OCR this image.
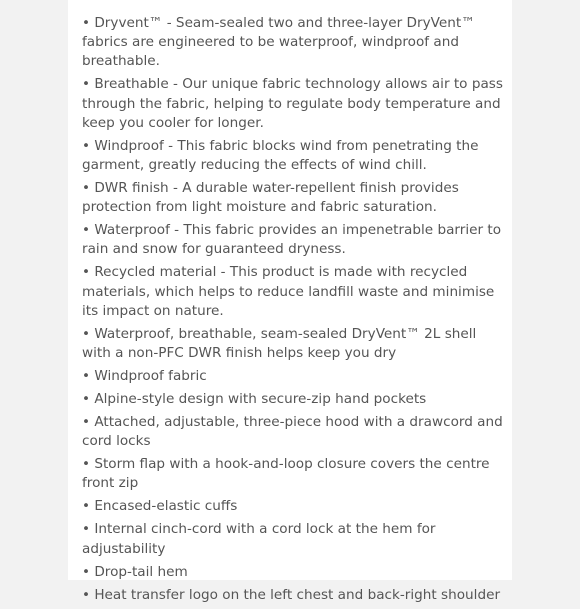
• Dryvent™ - Seam-sealed two and three-layer DryVent™ fabrics are engineered to be waterproof, windproof and breathable.
• Breathable - Our unique fabric technology allows air to pass through the fabric, helping to regulate body temperature and keep you cooler for longer.
• Windproof - This fabric blocks wind from penetrating the garment, greatly reducing the effects of wind chill.
• DWR finish - A durable water-repellent finish provides protection from light moisture and fabric saturation.
• Waterproof - This fabric provides an impenetrable barrier to rain and snow for guaranteed dryness.
• Recycled material - This product is made with recycled materials, which helps to reduce landfill waste and minimise its impact on nature.
• Waterproof, breathable, seam-sealed DryVent™ 2L shell with a non-PFC DWR finish helps keep you dry
• Windproof fabric
• Alpine-style design with secure-zip hand pockets
• Attached, adjustable, three-piece hood with a drawcord and cord locks
• Storm flap with a hook-and-loop closure covers the centre front zip
• Encased-elastic cuffs
• Internal cinch-cord with a cord lock at the hem for adjustability
• Drop-tail hem
• Heat transfer logo on the left chest and back-right shoulder
